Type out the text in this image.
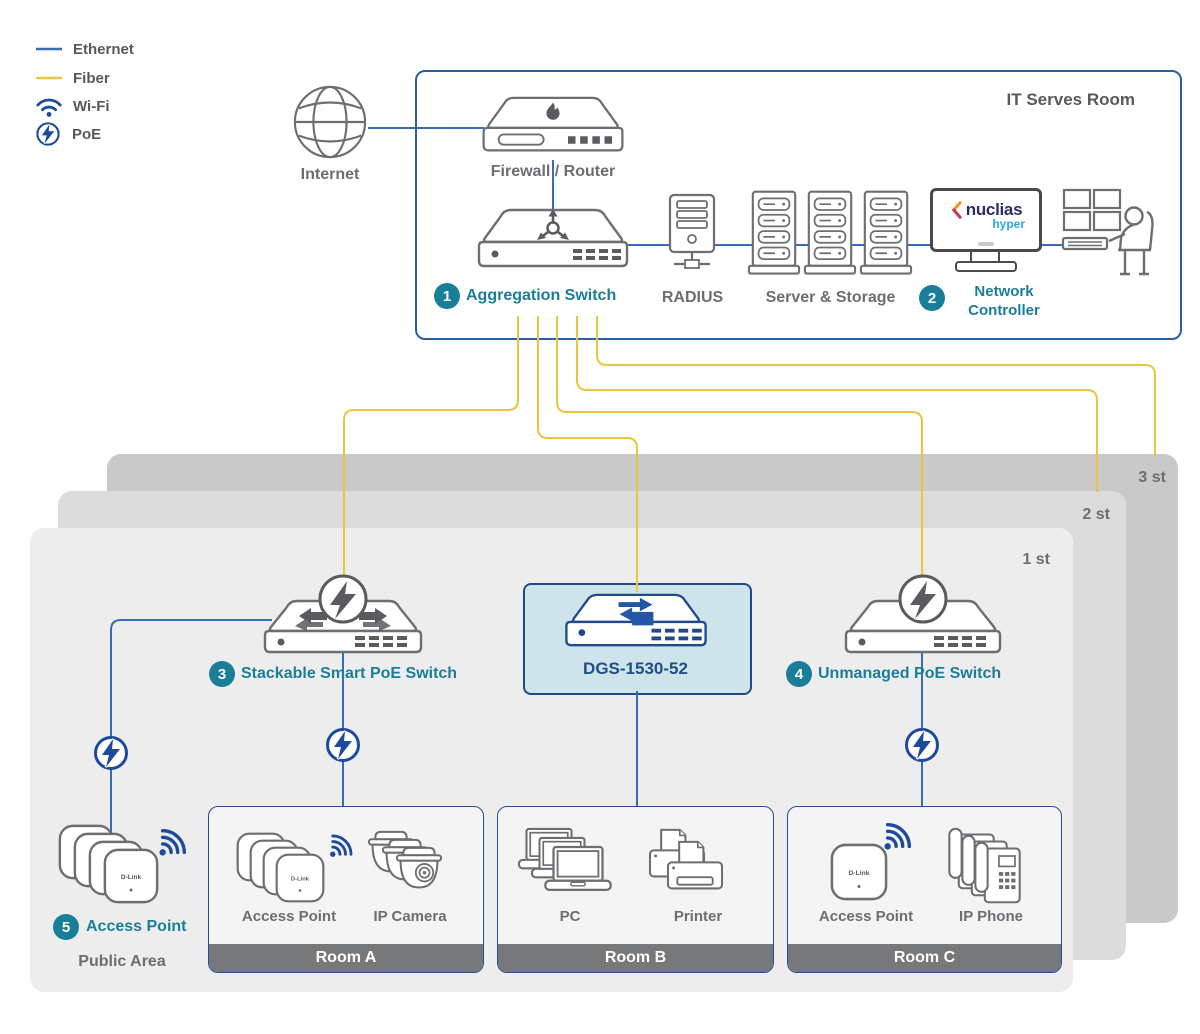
3 st
2 st
1 st
Room A	Room B	Room C
Ethernet
Fiber
Wi-Fi
PoE
IT Serves Room
Internet	Firewall / Router
1 Aggregation Switch	RADIUS	Server & Storage
nuclias
hyper
2	Network
Controller
3 Stackable Smart PoE Switch	DGS-1530-52	4 Unmanaged PoE Switch
D-Link
5 Access Point
Public Area
D-Link
Access Point	IP Camera	PC	Printer
D-Link
Access Point	IP Phone
